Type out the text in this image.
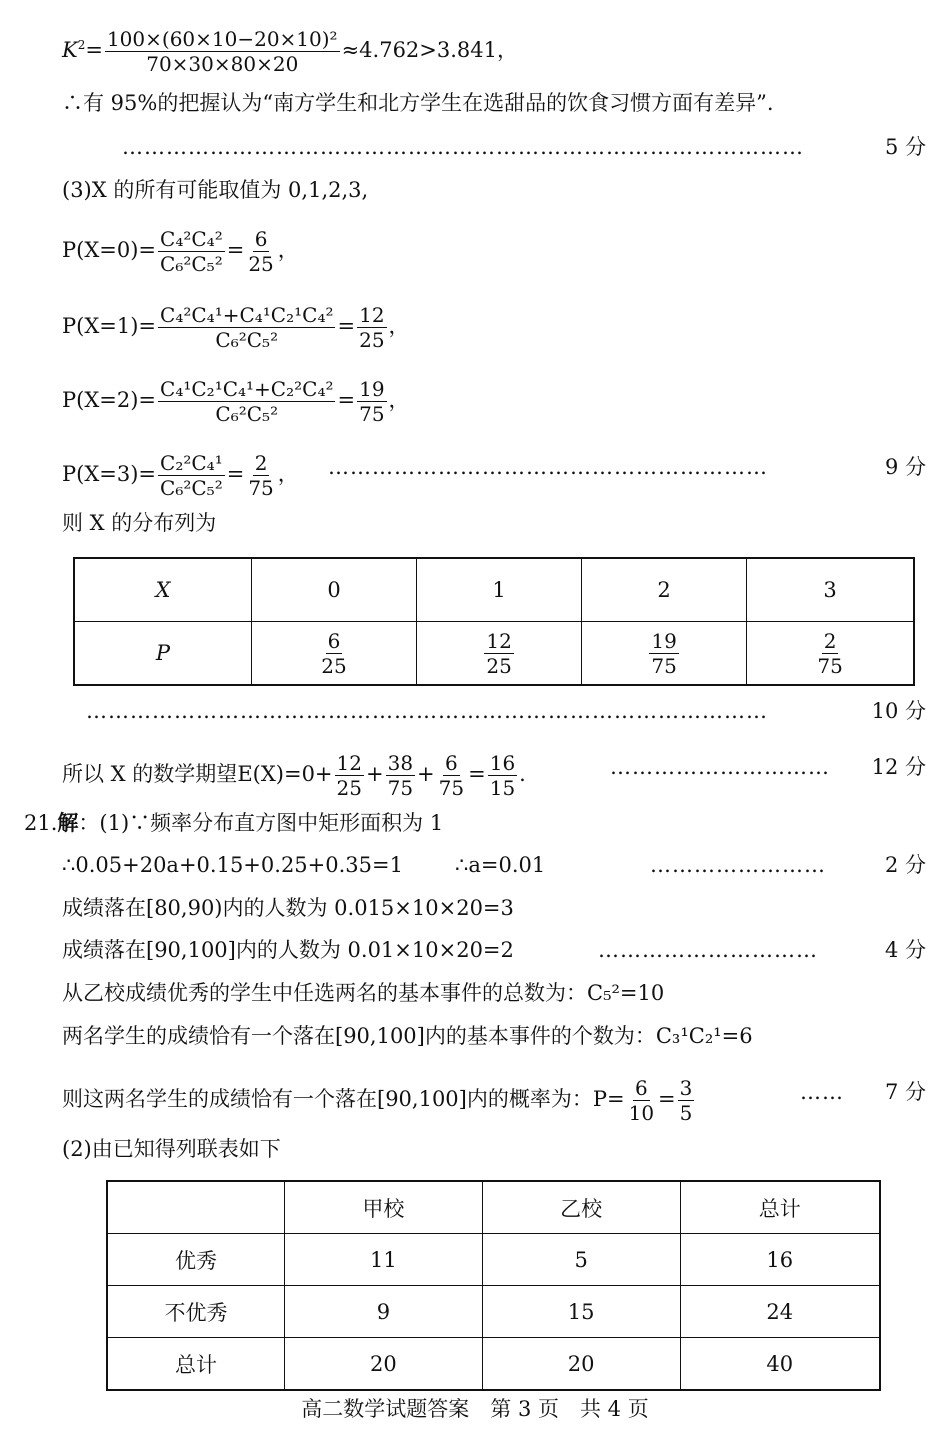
$K^2= \frac{\text{100×(60×10−20×10)²}}{70\times 30\times 80\times 20} \approx 4.762>3.841$，
∴有 95%的把握认为“南方学生和北方学生在选甜品的饮食习惯方面有差异”.
…………………………………………………………………………………	5 分
(3)X 的所有可能取值为 0,1,2,3,
$P(X=0)= \frac{\text{C₄²C₄²}}{\text{C₆²C₅²}} = \frac{6}{25}$ ，
$P(X=1)= \frac{\text{C₄²C₄¹+C₄¹C₂¹C₄²}}{\text{C₆²C₅²}} = \frac{12}{25}$ ，
$P(X=2)= \frac{\text{C₄¹C₂¹C₄¹+C₂²C₄²}}{\text{C₆²C₅²}} = \frac{19}{75}$ ，
$P(X=3)= \frac{\text{C₂²C₄¹}}{\text{C₆²C₅²}} = \frac{2}{75}$ ， ……………………………………………………	9 分
则 X 的分布列为
X	0	1	2	3
P	$\frac{6}{25}$	$\frac{12}{25}$	$\frac{19}{75}$	$\frac{2}{75}$
…………………………………………………………………………………	10 分
所以 X 的数学期望$E(X)=0+ \frac{12}{25} + \frac{38}{75} + \frac{6}{75} = \frac{16}{15}$ .	………………………… 12 分
21.解：(1)∵频率分布直方图中矩形面积为 1
∴0.05+20a+0.15+0.25+0.35=1 ∴a=0.01	……………………	2 分
成绩落在[80,90)内的人数为 0.015×10×20=3
成绩落在[90,100]内的人数为 0.01×10×20=2	…………………………	4 分
从乙校成绩优秀的学生中任选两名的基本事件的总数为：C₅²=10
两名学生的成绩恰有一个落在[90,100]内的基本事件的个数为：C₃¹C₂¹=6
则这两名学生的成绩恰有一个落在[90,100]内的概率为：$P= \frac{6}{10} = \frac{3}{5}$	…… 7 分
(2)由已知得列联表如下
	甲校	乙校	总计
优秀	11	5	16
不优秀	9	15	24
总计	20	20	40
高二数学试题答案　第 3 页　共 4 页
